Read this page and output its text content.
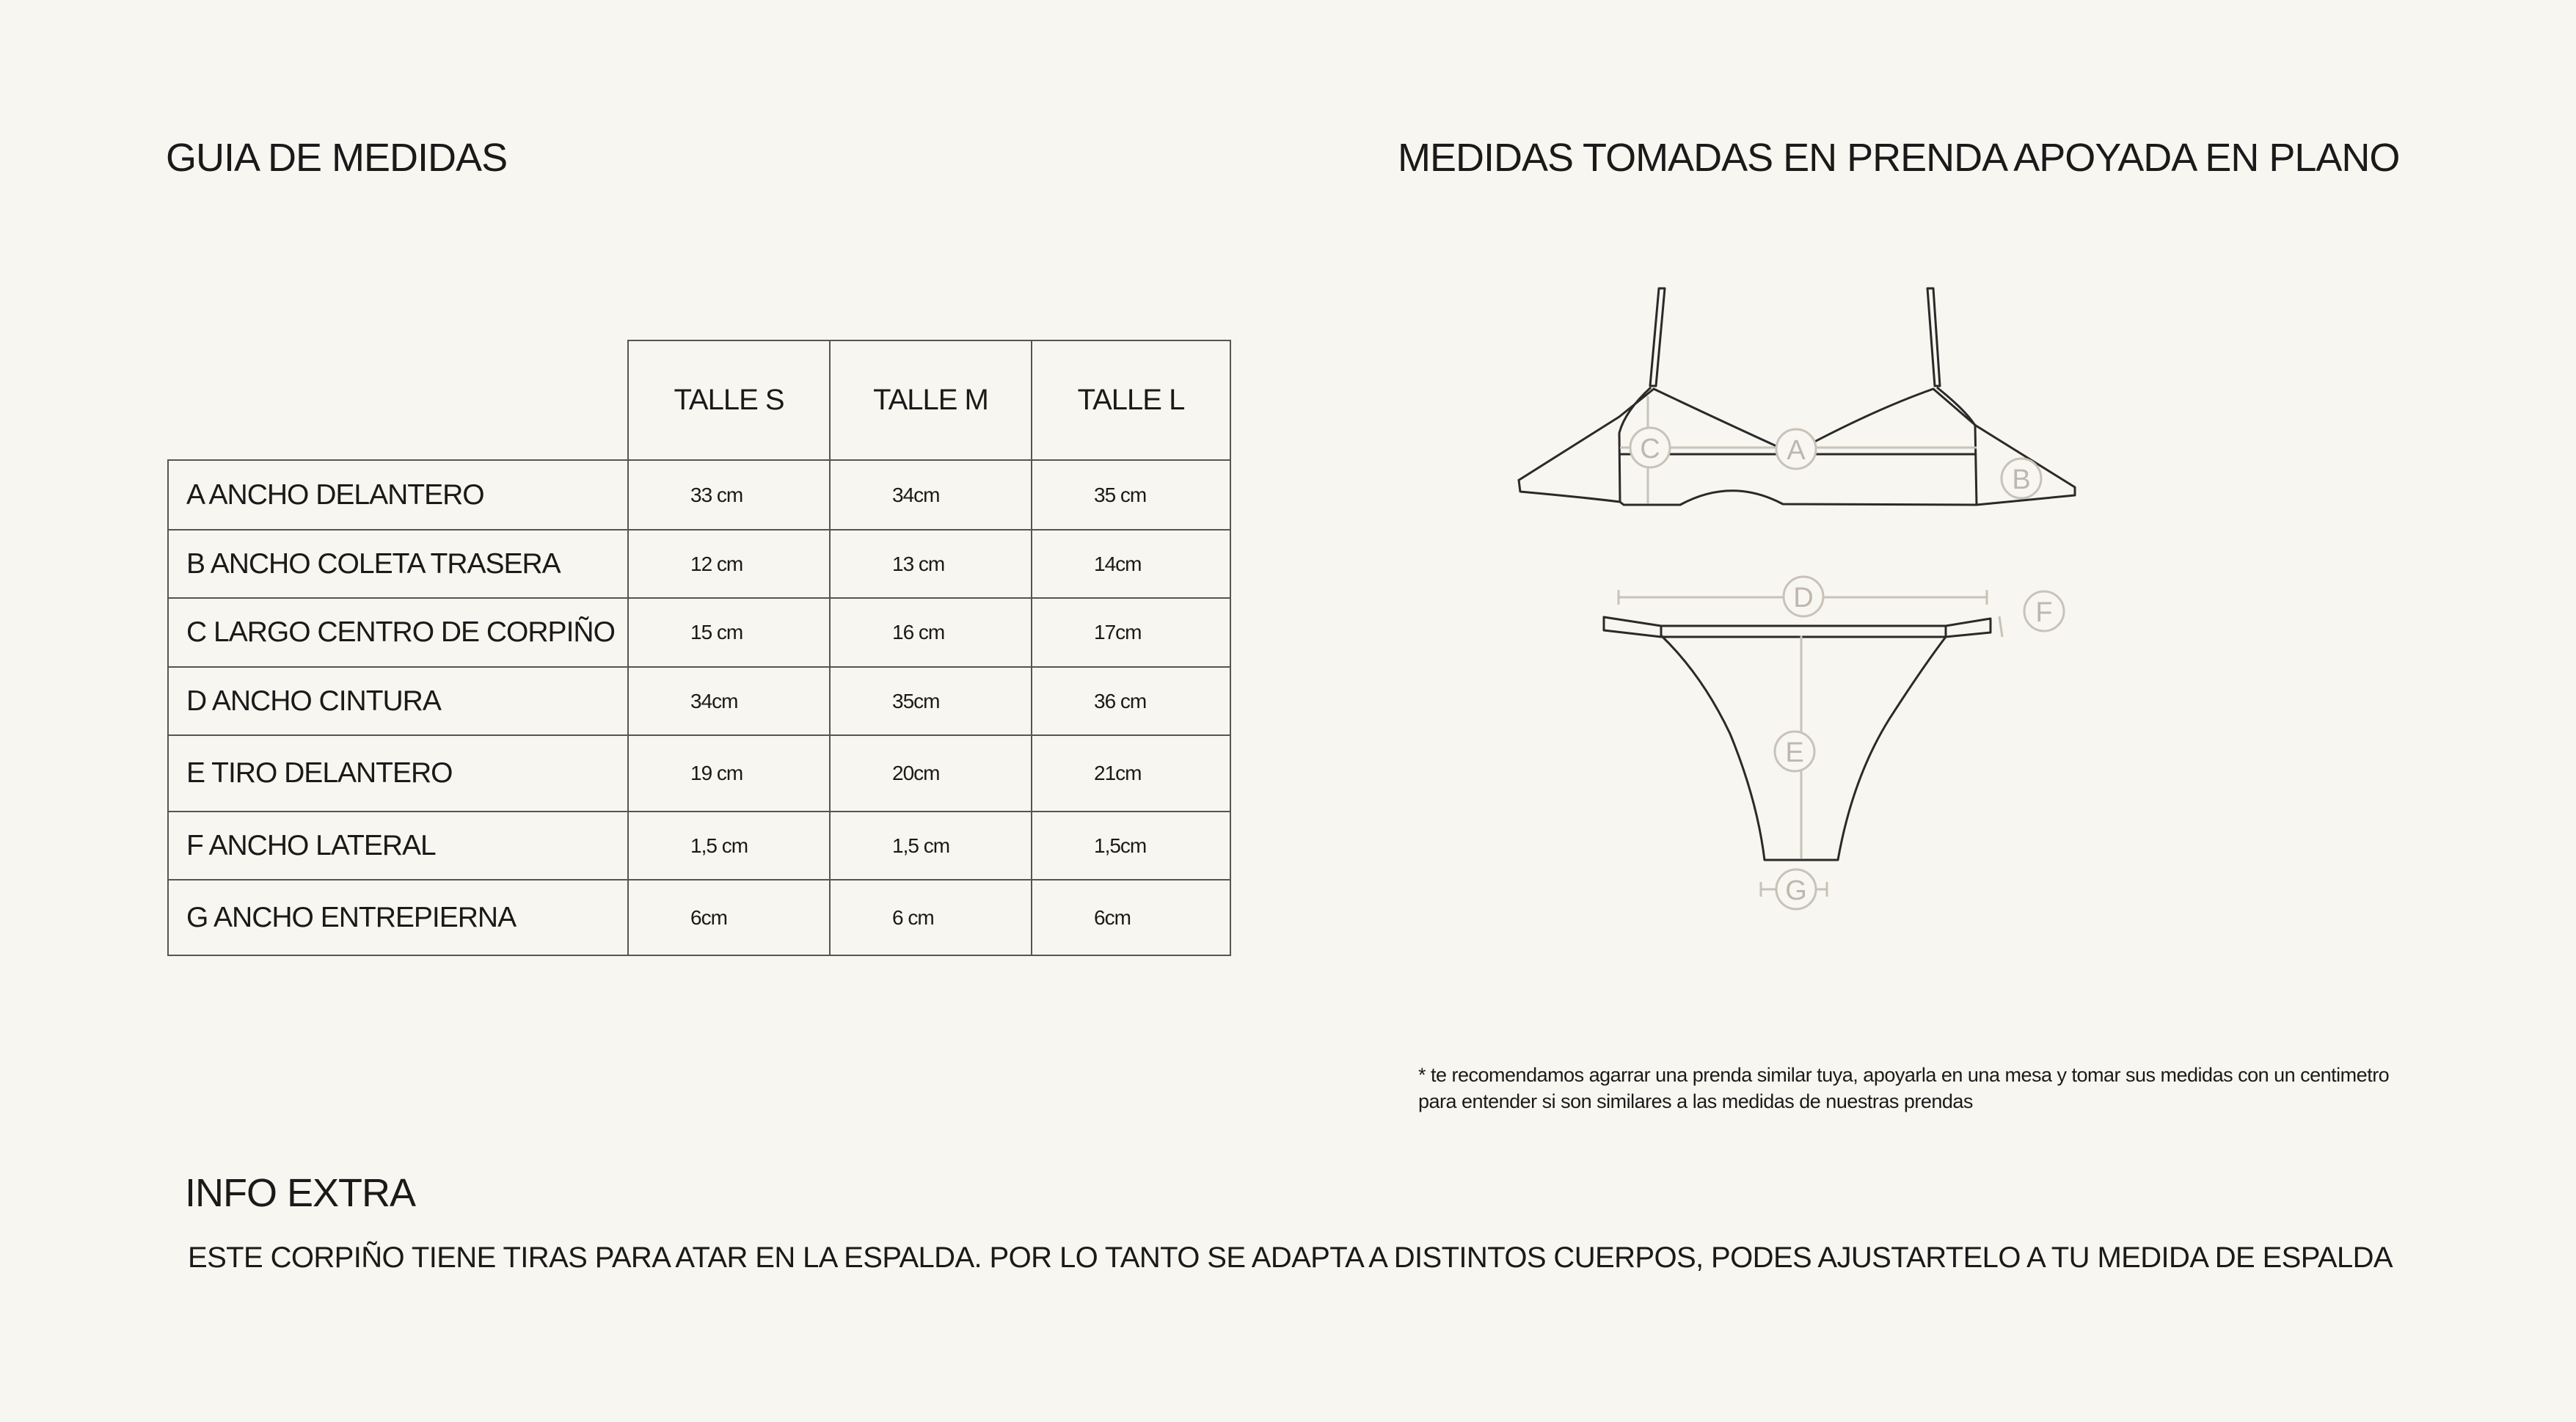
GUIA DE MEDIDAS	MEDIDAS TOMADAS EN PRENDA APOYADA EN PLANO
	TALLE S	TALLE M	TALLE L
A ANCHO DELANTERO	33 cm	34cm	35 cm
B ANCHO COLETA TRASERA	12 cm	13 cm	14cm
C LARGO CENTRO DE CORPIÑO	15 cm	16 cm	17cm
D ANCHO CINTURA	34cm	35cm	36 cm
E TIRO DELANTERO	19 cm	20cm	21cm
F ANCHO LATERAL	1,5 cm	1,5 cm	1,5cm
G ANCHO ENTREPIERNA	6cm	6 cm	6cm
A
B
C
D
E
F
G

* te recomendamos agarrar una prenda similar tuya, apoyarla en una mesa y tomar sus medidas con un centimetro

para entender si son similares a las medidas de nuestras prendas

INFO EXTRA

ESTE CORPIÑO TIENE TIRAS PARA ATAR EN LA ESPALDA. POR LO TANTO SE ADAPTA A DISTINTOS CUERPOS, PODES AJUSTARTELO A TU MEDIDA DE ESPALDA
